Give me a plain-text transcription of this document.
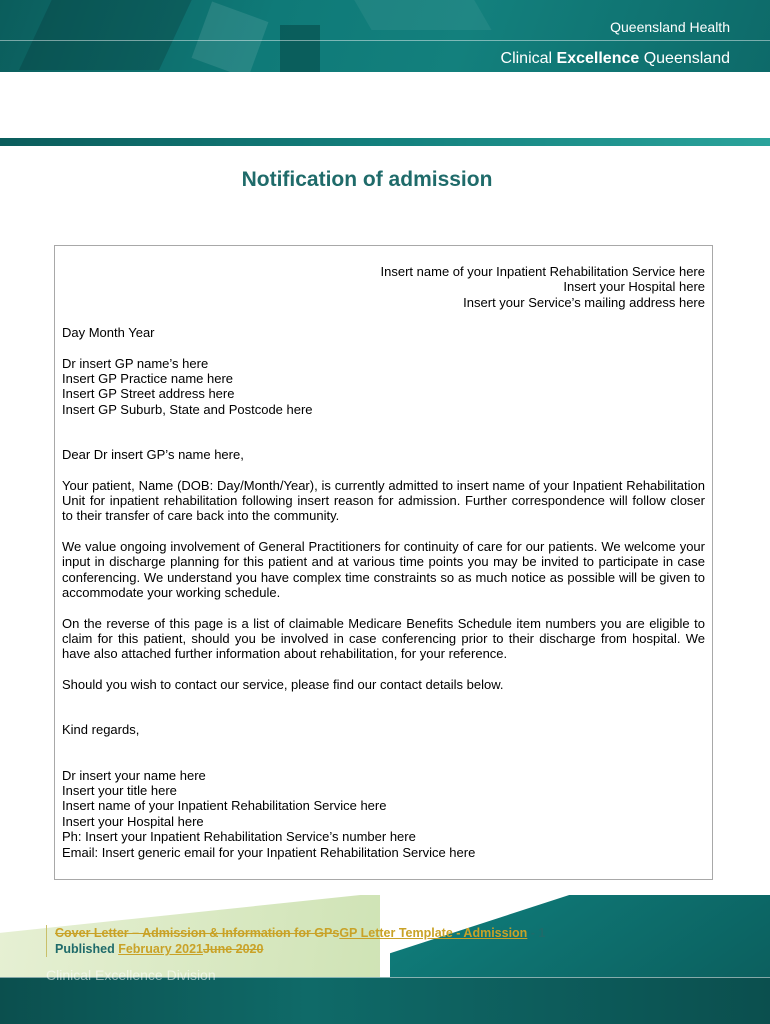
Queensland Health
Clinical Excellence Queensland
Notification of admission
Insert name of your Inpatient Rehabilitation Service here
Insert your Hospital here
Insert your Service’s mailing address here
Day Month Year
Dr insert GP name’s here
Insert GP Practice name here
Insert GP Street address here
Insert GP Suburb, State and Postcode here
Dear Dr insert GP’s name here,

Your patient, Name (DOB: Day/Month/Year), is currently admitted to insert name of your Inpatient Rehabilitation Unit for inpatient rehabilitation following insert reason for admission. Further correspondence will follow closer to their transfer of care back into the community.

We value ongoing involvement of General Practitioners for continuity of care for our patients. We welcome your input in discharge planning for this patient and at various time points you may be invited to participate in case conferencing. We understand you have complex time constraints so as much notice as possible will be given to accommodate your working schedule.

On the reverse of this page is a list of claimable Medicare Benefits Schedule item numbers you are eligible to claim for this patient, should you be involved in case conferencing prior to their discharge from hospital. We have also attached further information about rehabilitation, for your reference.

Should you wish to contact our service, please find our contact details below.

Kind regards,
Dr insert your name here
Insert your title here
Insert name of your Inpatient Rehabilitation Service here
Insert your Hospital here
Ph: Insert your Inpatient Rehabilitation Service’s number here
Email: Insert generic email for your Inpatient Rehabilitation Service here
Cover Letter – Admission & Information for GPsGP Letter Template - Admission - 1
Published February 2021June 2020
Clinical Excellence Division
